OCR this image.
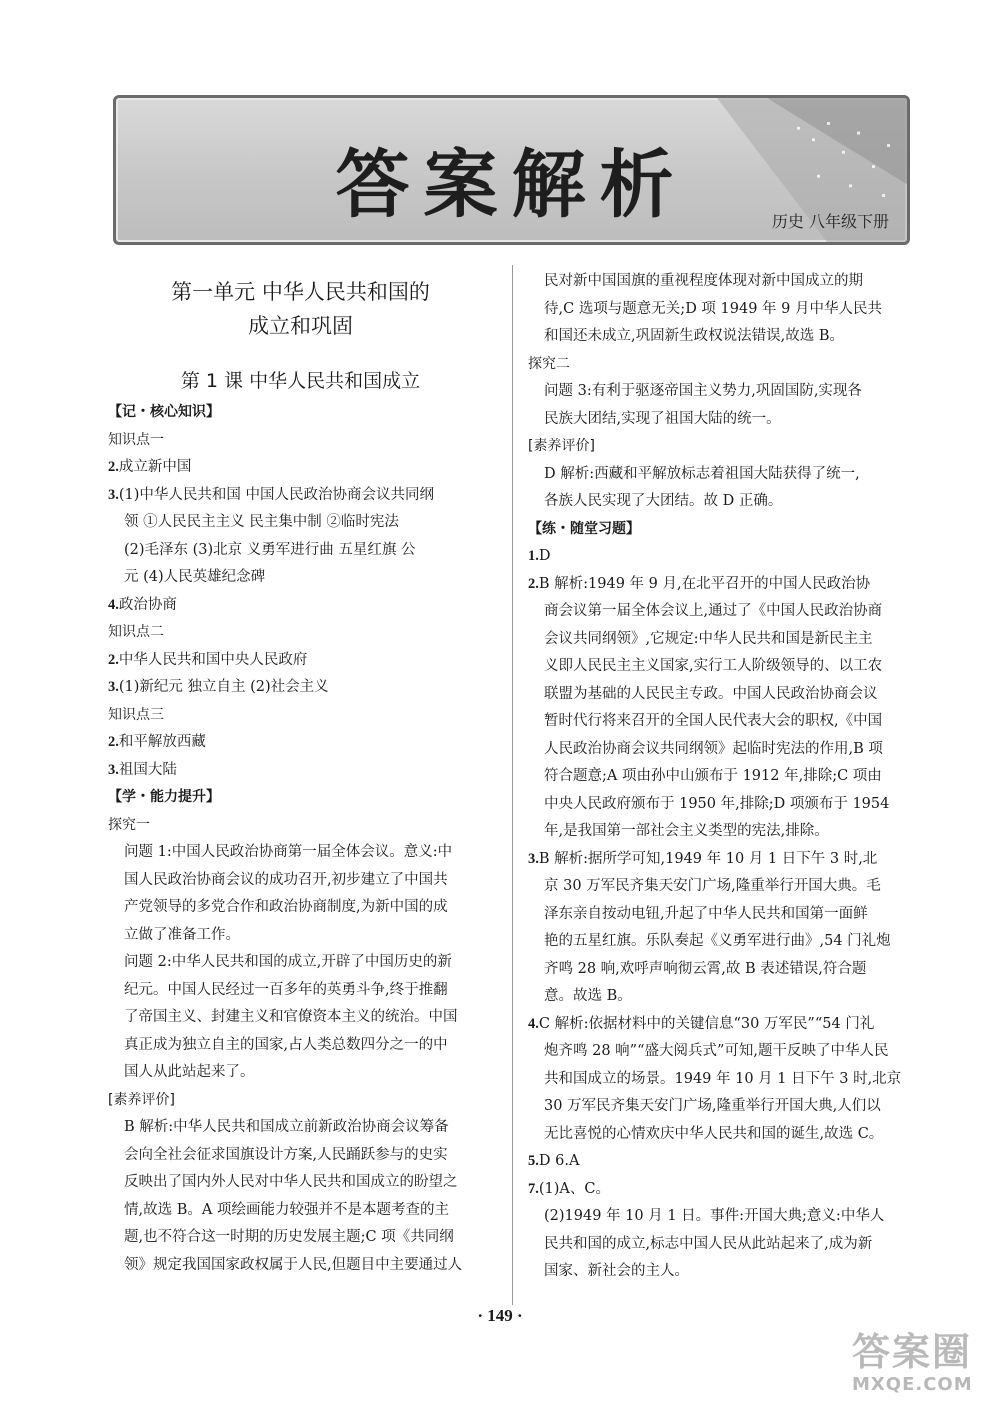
答案解析	历史 八年级下册
第一单元 中华人民共和国的
成立和巩固
第 1 课 中华人民共和国成立
【记・核心知识】
知识点一
2.成立新中国
3.(1)中华人民共和国 中国人民政治协商会议共同纲
领 ①人民民主主义 民主集中制 ②临时宪法
(2)毛泽东 (3)北京 义勇军进行曲 五星红旗 公
元 (4)人民英雄纪念碑
4.政治协商
知识点二
2.中华人民共和国中央人民政府
3.(1)新纪元 独立自主 (2)社会主义
知识点三
2.和平解放西藏
3.祖国大陆
【学・能力提升】
探究一
问题 1:中国人民政治协商第一届全体会议。意义:中
国人民政治协商会议的成功召开,初步建立了中国共
产党领导的多党合作和政治协商制度,为新中国的成
立做了准备工作。
问题 2:中华人民共和国的成立,开辟了中国历史的新
纪元。中国人民经过一百多年的英勇斗争,终于推翻
了帝国主义、封建主义和官僚资本主义的统治。中国
真正成为独立自主的国家,占人类总数四分之一的中
国人从此站起来了。
[素养评价]
B 解析:中华人民共和国成立前新政治协商会议筹备
会向全社会征求国旗设计方案,人民踊跃参与的史实
反映出了国内外人民对中华人民共和国成立的盼望之
情,故选 B。A 项绘画能力较强并不是本题考查的主
题,也不符合这一时期的历史发展主题;C 项《共同纲
领》规定我国国家政权属于人民,但题目中主要通过人
民对新中国国旗的重视程度体现对新中国成立的期
待,C 选项与题意无关;D 项 1949 年 9 月中华人民共
和国还未成立,巩固新生政权说法错误,故选 B。
探究二
问题 3:有利于驱逐帝国主义势力,巩固国防,实现各
民族大团结,实现了祖国大陆的统一。
[素养评价]
D 解析:西藏和平解放标志着祖国大陆获得了统一,
各族人民实现了大团结。故 D 正确。
【练・随堂习题】
1.D
2.B 解析:1949 年 9 月,在北平召开的中国人民政治协
商会议第一届全体会议上,通过了《中国人民政治协商
会议共同纲领》,它规定:中华人民共和国是新民主主
义即人民民主主义国家,实行工人阶级领导的、以工农
联盟为基础的人民民主专政。中国人民政治协商会议
暂时代行将来召开的全国人民代表大会的职权,《中国
人民政治协商会议共同纲领》起临时宪法的作用,B 项
符合题意;A 项由孙中山颁布于 1912 年,排除;C 项由
中央人民政府颁布于 1950 年,排除;D 项颁布于 1954
年,是我国第一部社会主义类型的宪法,排除。
3.B 解析:据所学可知,1949 年 10 月 1 日下午 3 时,北
京 30 万军民齐集天安门广场,隆重举行开国大典。毛
泽东亲自按动电钮,升起了中华人民共和国第一面鲜
艳的五星红旗。乐队奏起《义勇军进行曲》,54 门礼炮
齐鸣 28 响,欢呼声响彻云霄,故 B 表述错误,符合题
意。故选 B。
4.C 解析:依据材料中的关键信息“30 万军民”“54 门礼
炮齐鸣 28 响”“盛大阅兵式”可知,题干反映了中华人民
共和国成立的场景。1949 年 10 月 1 日下午 3 时,北京
30 万军民齐集天安门广场,隆重举行开国大典,人们以
无比喜悦的心情欢庆中华人民共和国的诞生,故选 C。
5.D 6.A
7.(1)A、C。
(2)1949 年 10 月 1 日。事件:开国大典;意义:中华人
民共和国的成立,标志中国人民从此站起来了,成为新
国家、新社会的主人。
· 149 ·
答案圈
MXQE.COM
